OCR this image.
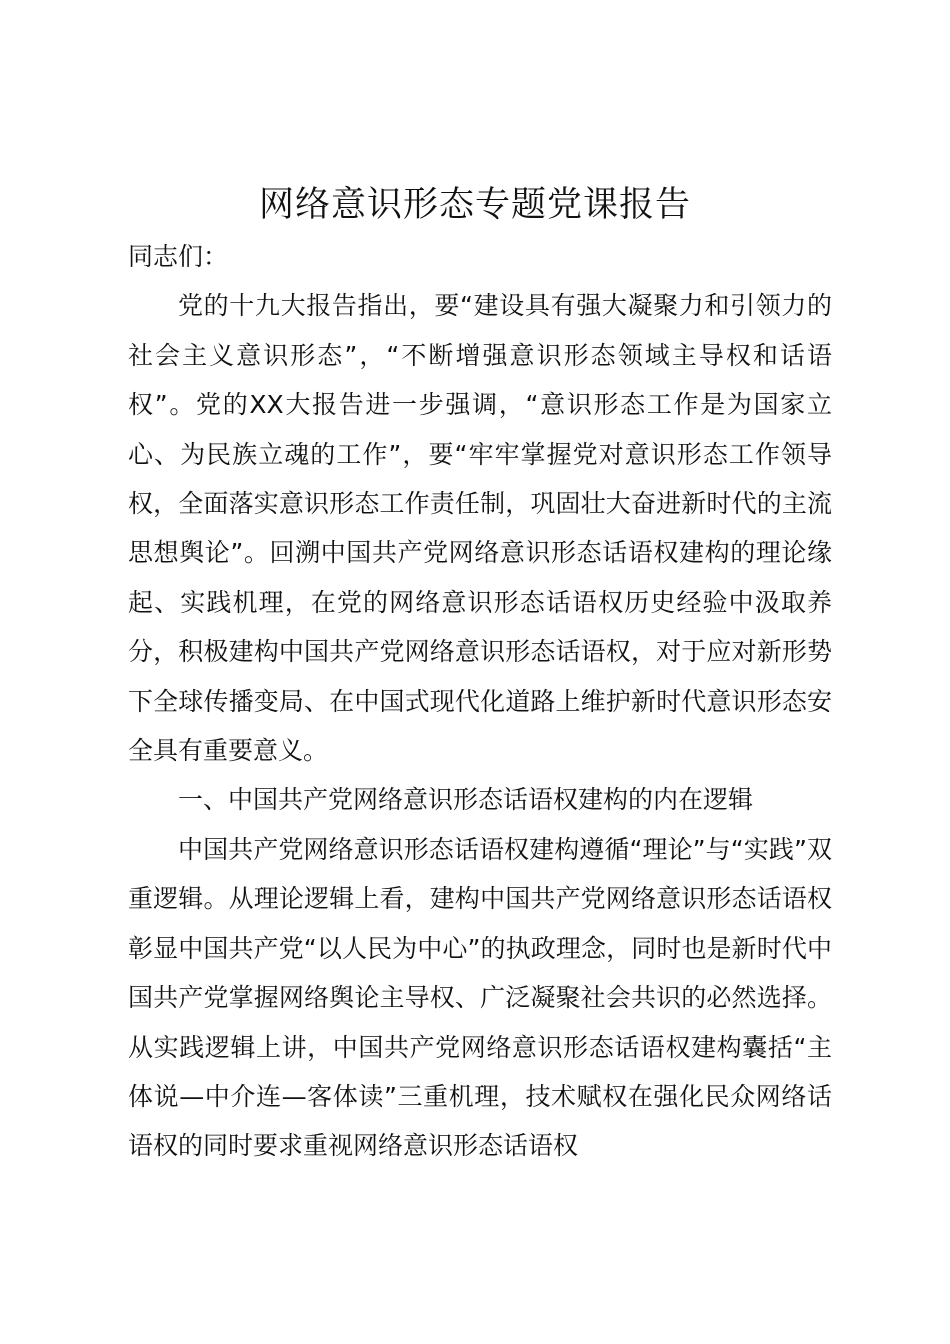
网络意识形态专题党课报告

同志们：

党的十九大报告指出，要“建设具有强大凝聚力和引领力的社会主义意识形态”，“不断增强意识形态领域主导权和话语权”。党的XX大报告进一步强调，“意识形态工作是为国家立心、为民族立魂的工作”，要“牢牢掌握党对意识形态工作领导权，全面落实意识形态工作责任制，巩固壮大奋进新时代的主流思想舆论”。回溯中国共产党网络意识形态话语权建构的理论缘起、实践机理，在党的网络意识形态话语权历史经验中汲取养分，积极建构中国共产党网络意识形态话语权，对于应对新形势下全球传播变局、在中国式现代化道路上维护新时代意识形态安全具有重要意义。

一、中国共产党网络意识形态话语权建构的内在逻辑

中国共产党网络意识形态话语权建构遵循“理论”与“实践”双重逻辑。从理论逻辑上看，建构中国共产党网络意识形态话语权彰显中国共产党“以人民为中心”的执政理念，同时也是新时代中国共产党掌握网络舆论主导权、广泛凝聚社会共识的必然选择。从实践逻辑上讲，中国共产党网络意识形态话语权建构囊括“主体说—中介连—客体读”三重机理，技术赋权在强化民众网络话语权的同时要求重视网络意识形态话语权
